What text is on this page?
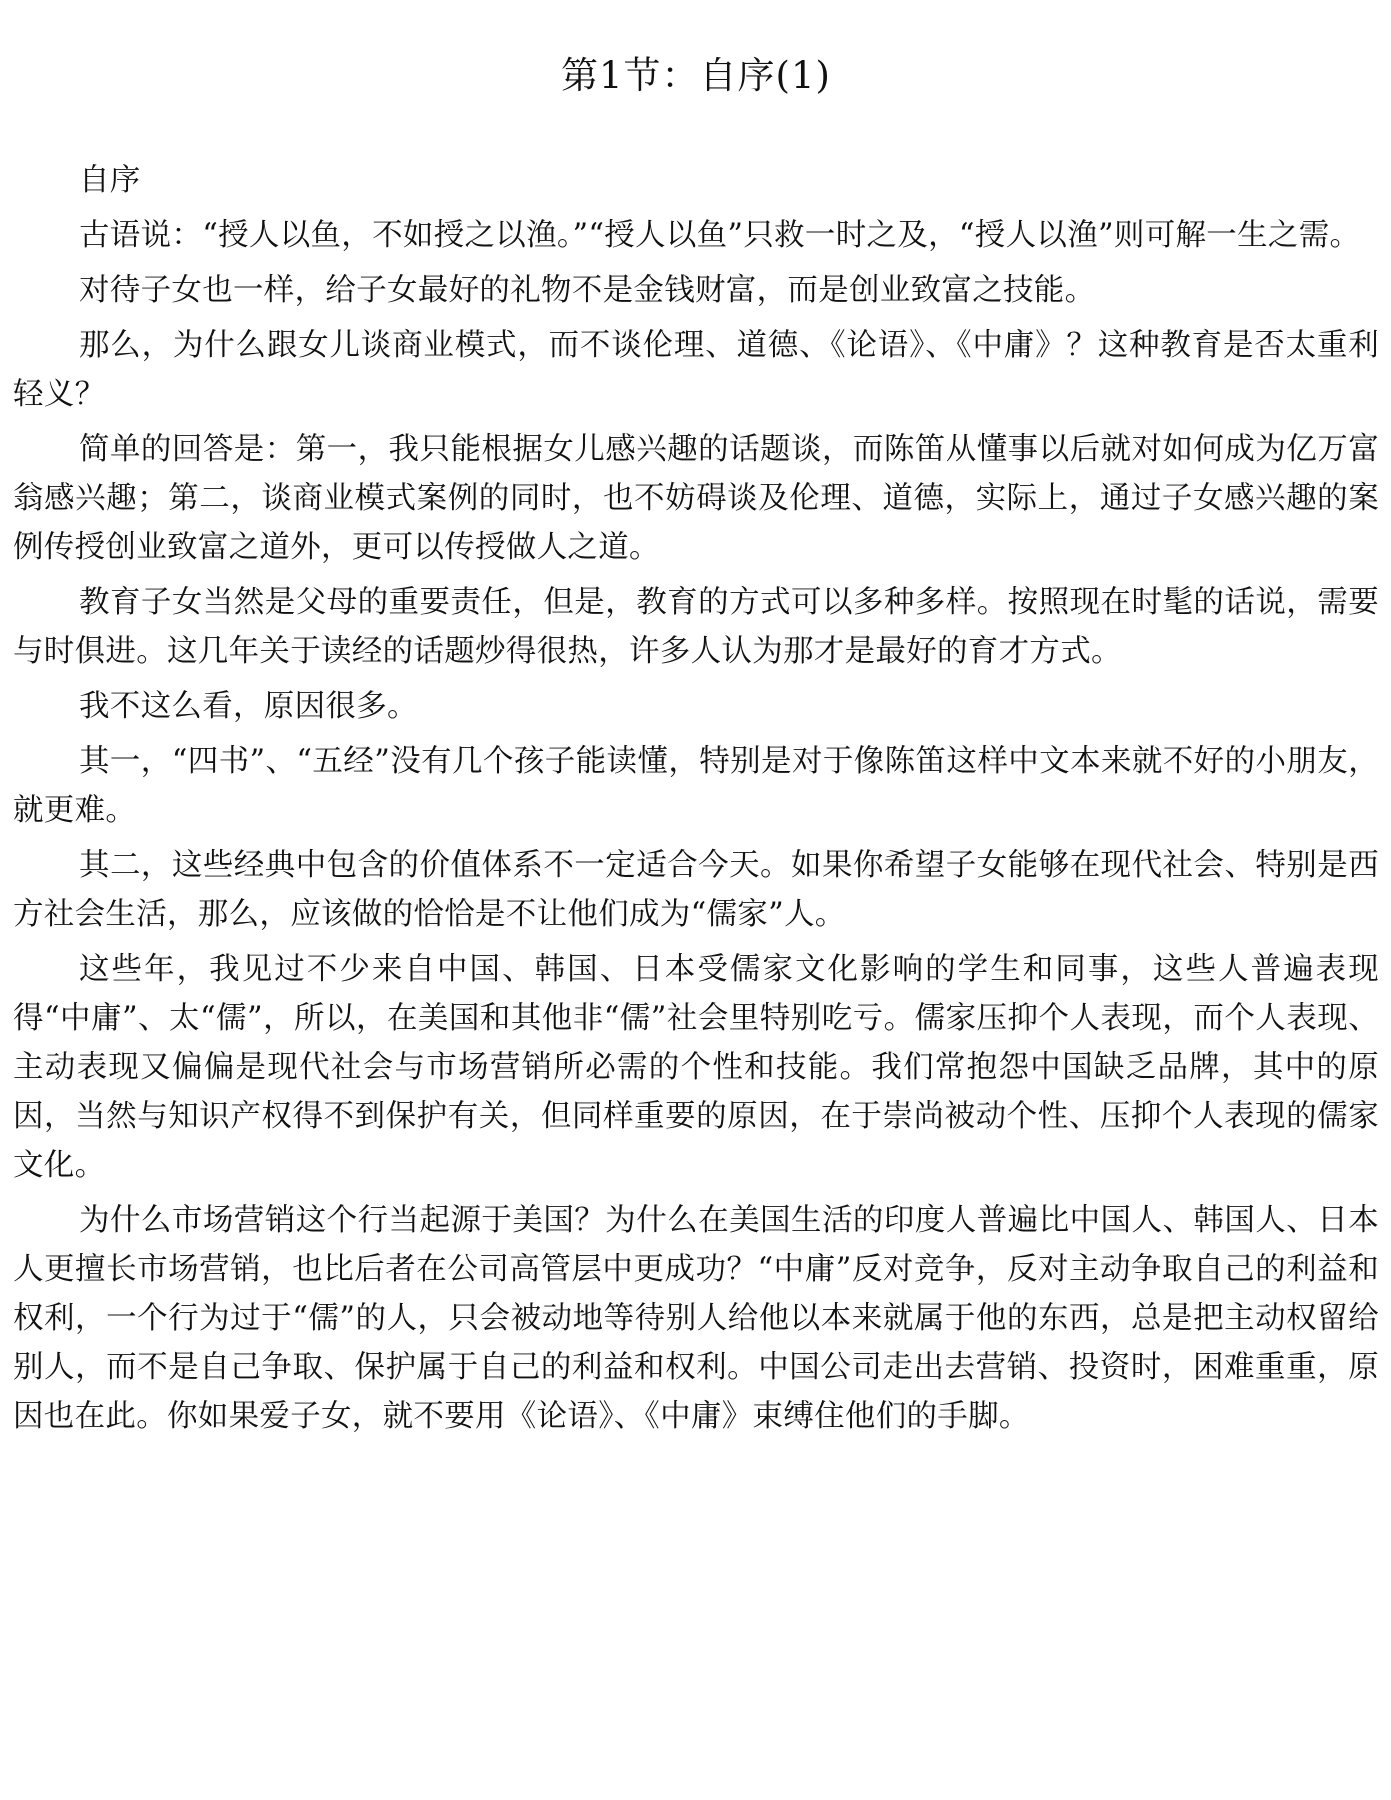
第1节：自序(1)

自序

古语说：“授人以鱼，不如授之以渔。”“授人以鱼”只救一时之及，“授人以渔”则可解一生之需。

对待子女也一样，给子女最好的礼物不是金钱财富，而是创业致富之技能。

那么，为什么跟女儿谈商业模式，而不谈伦理、道德、《论语》、《中庸》？这种教育是否太重利轻义？

简单的回答是：第一，我只能根据女儿感兴趣的话题谈，而陈笛从懂事以后就对如何成为亿万富翁感兴趣；第二，谈商业模式案例的同时，也不妨碍谈及伦理、道德，实际上，通过子女感兴趣的案例传授创业致富之道外，更可以传授做人之道。

教育子女当然是父母的重要责任，但是，教育的方式可以多种多样。按照现在时髦的话说，需要与时俱进。这几年关于读经的话题炒得很热，许多人认为那才是最好的育才方式。

我不这么看，原因很多。

其一，“四书”、“五经”没有几个孩子能读懂，特别是对于像陈笛这样中文本来就不好的小朋友，就更难。

其二，这些经典中包含的价值体系不一定适合今天。如果你希望子女能够在现代社会、特别是西方社会生活，那么，应该做的恰恰是不让他们成为“儒家”人。

这些年，我见过不少来自中国、韩国、日本受儒家文化影响的学生和同事，这些人普遍表现得“中庸”、太“儒”，所以，在美国和其他非“儒”社会里特别吃亏。儒家压抑个人表现，而个人表现、主动表现又偏偏是现代社会与市场营销所必需的个性和技能。我们常抱怨中国缺乏品牌，其中的原因，当然与知识产权得不到保护有关，但同样重要的原因，在于崇尚被动个性、压抑个人表现的儒家文化。

为什么市场营销这个行当起源于美国？为什么在美国生活的印度人普遍比中国人、韩国人、日本人更擅长市场营销，也比后者在公司高管层中更成功？“中庸”反对竞争，反对主动争取自己的利益和权利，一个行为过于“儒”的人，只会被动地等待别人给他以本来就属于他的东西，总是把主动权留给别人，而不是自己争取、保护属于自己的利益和权利。中国公司走出去营销、投资时，困难重重，原因也在此。你如果爱子女，就不要用《论语》、《中庸》束缚住他们的手脚。
